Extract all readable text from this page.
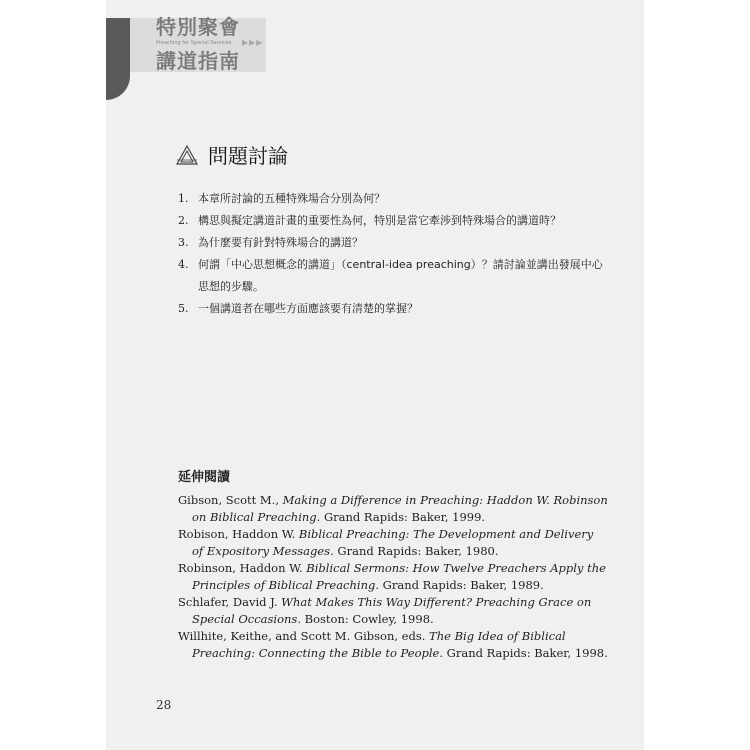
特別聚會
Preaching for Special Services ▶▶▶
講道指南
問題討論
1. 本章所討論的五種特殊場合分別為何？
2. 構思與擬定講道計畫的重要性為何，特別是當它牽涉到特殊場合的講道時？
3. 為什麼要有針對特殊場合的講道？
4. 何謂「中心思想概念的講道」（central-idea preaching）？請討論並講出發展中心思想的步驟。
5. 一個講道者在哪些方面應該要有清楚的掌握？
延伸閱讀

Gibson, Scott M., Making a Difference in Preaching: Haddon W. Robinson on Biblical Preaching. Grand Rapids: Baker, 1999.

Robison, Haddon W. Biblical Preaching: The Development and Delivery of Expository Messages. Grand Rapids: Baker, 1980.

Robinson, Haddon W. Biblical Sermons: How Twelve Preachers Apply the Principles of Biblical Preaching. Grand Rapids: Baker, 1989.

Schlafer, David J. What Makes This Way Different? Preaching Grace on Special Occasions. Boston: Cowley, 1998.

Willhite, Keithe, and Scott M. Gibson, eds. The Big Idea of Biblical Preaching: Connecting the Bible to People. Grand Rapids: Baker, 1998.

28
